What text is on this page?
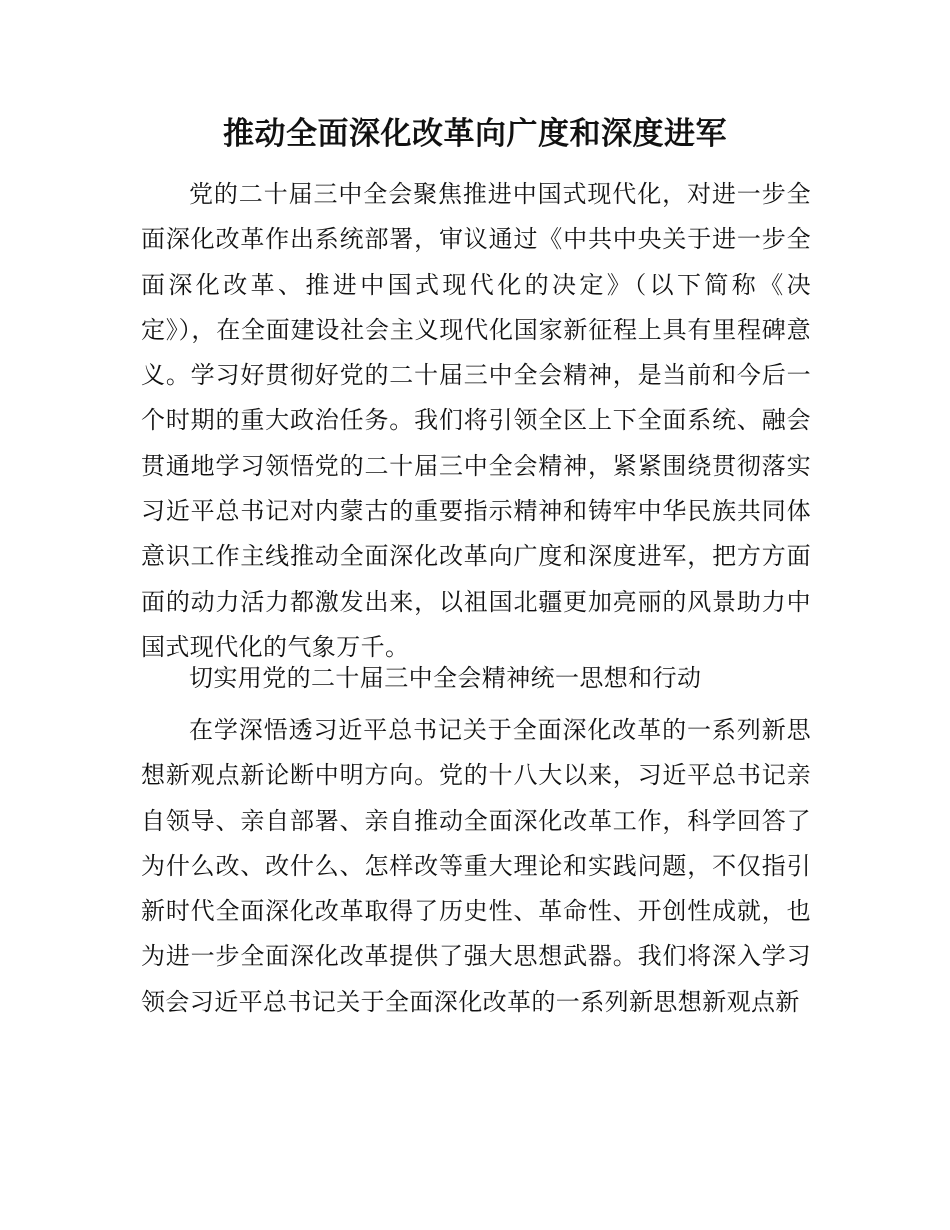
推动全面深化改革向广度和深度进军

党的二十届三中全会聚焦推进中国式现代化，对进一步全面深化改革作出系统部署，审议通过《中共中央关于进一步全面深化改革、推进中国式现代化的决定》（以下简称《决定》），在全面建设社会主义现代化国家新征程上具有里程碑意义。学习好贯彻好党的二十届三中全会精神，是当前和今后一个时期的重大政治任务。我们将引领全区上下全面系统、融会贯通地学习领悟党的二十届三中全会精神，紧紧围绕贯彻落实习近平总书记对内蒙古的重要指示精神和铸牢中华民族共同体意识工作主线推动全面深化改革向广度和深度进军，把方方面面的动力活力都激发出来，以祖国北疆更加亮丽的风景助力中国式现代化的气象万千。

切实用党的二十届三中全会精神统一思想和行动

在学深悟透习近平总书记关于全面深化改革的一系列新思想新观点新论断中明方向。党的十八大以来，习近平总书记亲自领导、亲自部署、亲自推动全面深化改革工作，科学回答了为什么改、改什么、怎样改等重大理论和实践问题，不仅指引新时代全面深化改革取得了历史性、革命性、开创性成就，也为进一步全面深化改革提供了强大思想武器。我们将深入学习领会习近平总书记关于全面深化改革的一系列新思想新观点新
